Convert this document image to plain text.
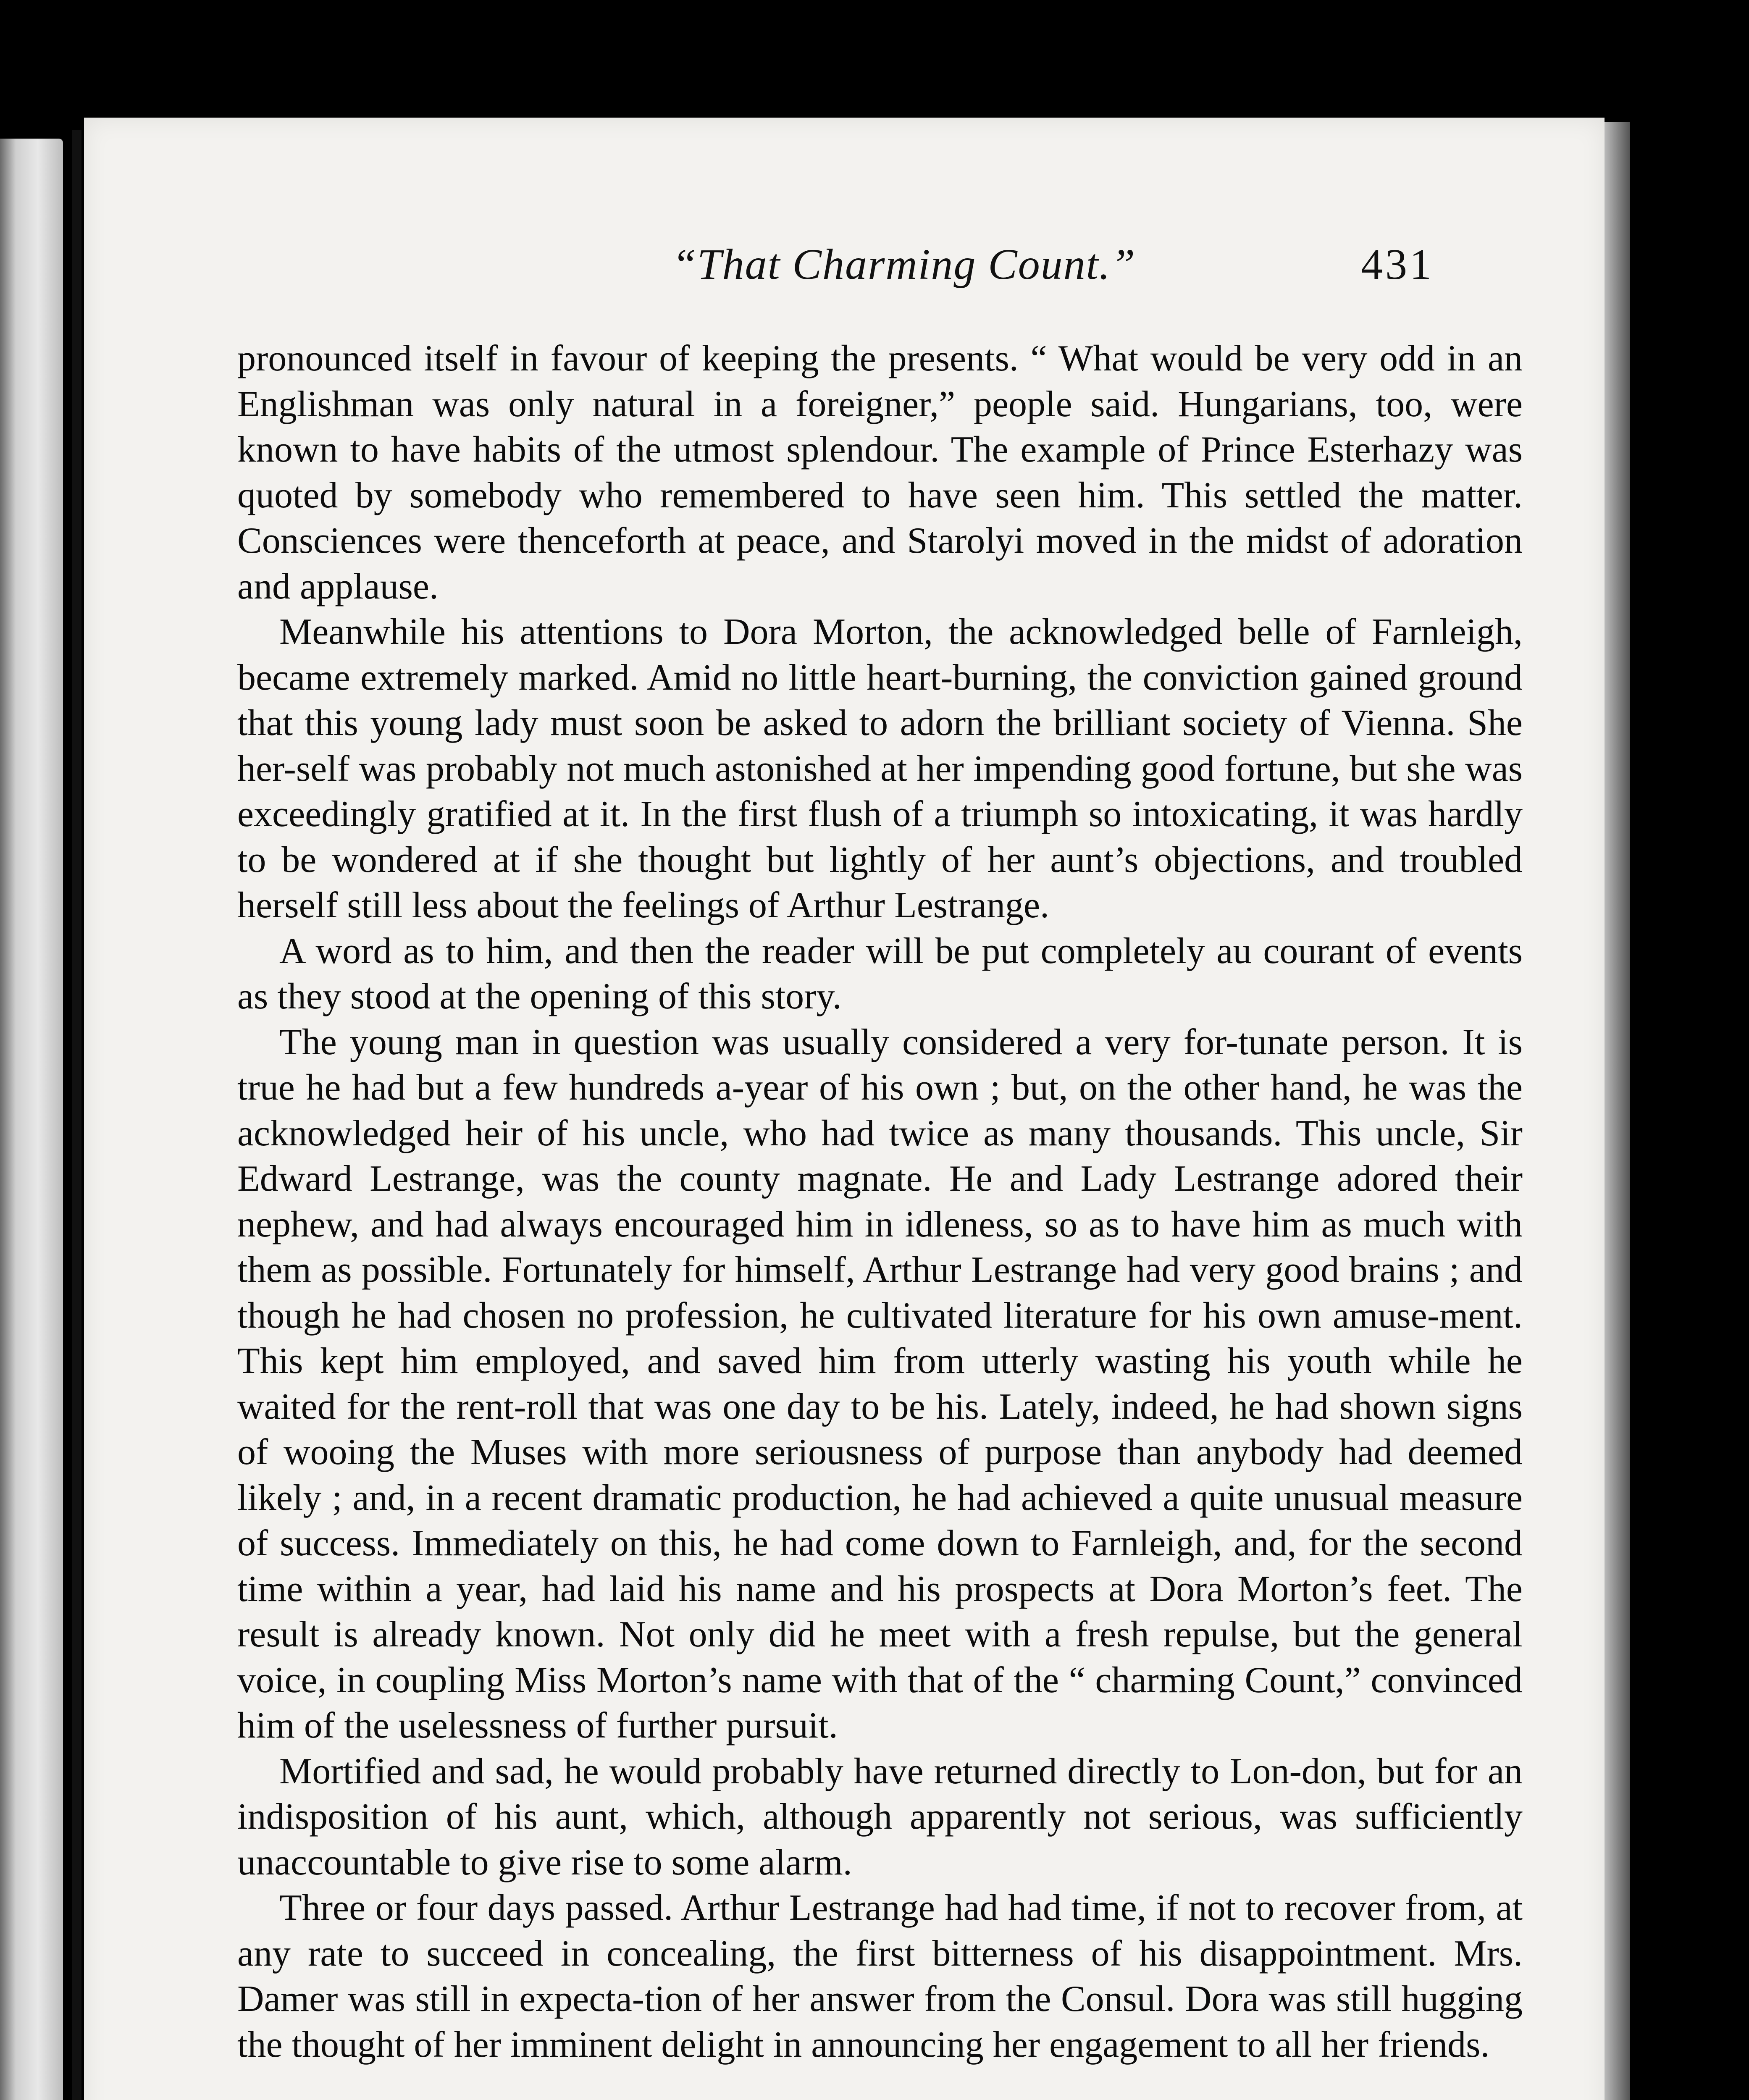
“That Charming Count.”	431

pronounced itself in favour of keeping the presents. “ What would be very odd in an Englishman was only natural in a foreigner,” people said. Hungarians, too, were known to have habits of the utmost splendour. The example of Prince Esterhazy was quoted by somebody who remembered to have seen him. This settled the matter. Consciences were thenceforth at peace, and Starolyi moved in the midst of adoration and applause.

Meanwhile his attentions to Dora Morton, the acknowledged belle of Farnleigh, became extremely marked. Amid no little heart-burning, the conviction gained ground that this young lady must soon be asked to adorn the brilliant society of Vienna. She her-self was probably not much astonished at her impending good fortune, but she was exceedingly gratified at it. In the first flush of a triumph so intoxicating, it was hardly to be wondered at if she thought but lightly of her aunt’s objections, and troubled herself still less about the feelings of Arthur Lestrange.

A word as to him, and then the reader will be put completely au courant of events as they stood at the opening of this story.

The young man in question was usually considered a very for-tunate person. It is true he had but a few hundreds a-year of his own ; but, on the other hand, he was the acknowledged heir of his uncle, who had twice as many thousands. This uncle, Sir Edward Lestrange, was the county magnate. He and Lady Lestrange adored their nephew, and had always encouraged him in idleness, so as to have him as much with them as possible. Fortunately for himself, Arthur Lestrange had very good brains ; and though he had chosen no profession, he cultivated literature for his own amuse-ment. This kept him employed, and saved him from utterly wasting his youth while he waited for the rent-roll that was one day to be his. Lately, indeed, he had shown signs of wooing the Muses with more seriousness of purpose than anybody had deemed likely ; and, in a recent dramatic production, he had achieved a quite unusual measure of success. Immediately on this, he had come down to Farnleigh, and, for the second time within a year, had laid his name and his prospects at Dora Morton’s feet. The result is already known. Not only did he meet with a fresh repulse, but the general voice, in coupling Miss Morton’s name with that of the “ charming Count,” convinced him of the uselessness of further pursuit.

Mortified and sad, he would probably have returned directly to Lon-don, but for an indisposition of his aunt, which, although apparently not serious, was sufficiently unaccountable to give rise to some alarm.

Three or four days passed. Arthur Lestrange had had time, if not to recover from, at any rate to succeed in concealing, the first bitterness of his disappointment. Mrs. Damer was still in expecta-tion of her answer from the Consul. Dora was still hugging the thought of her imminent delight in announcing her engagement to all her friends.
